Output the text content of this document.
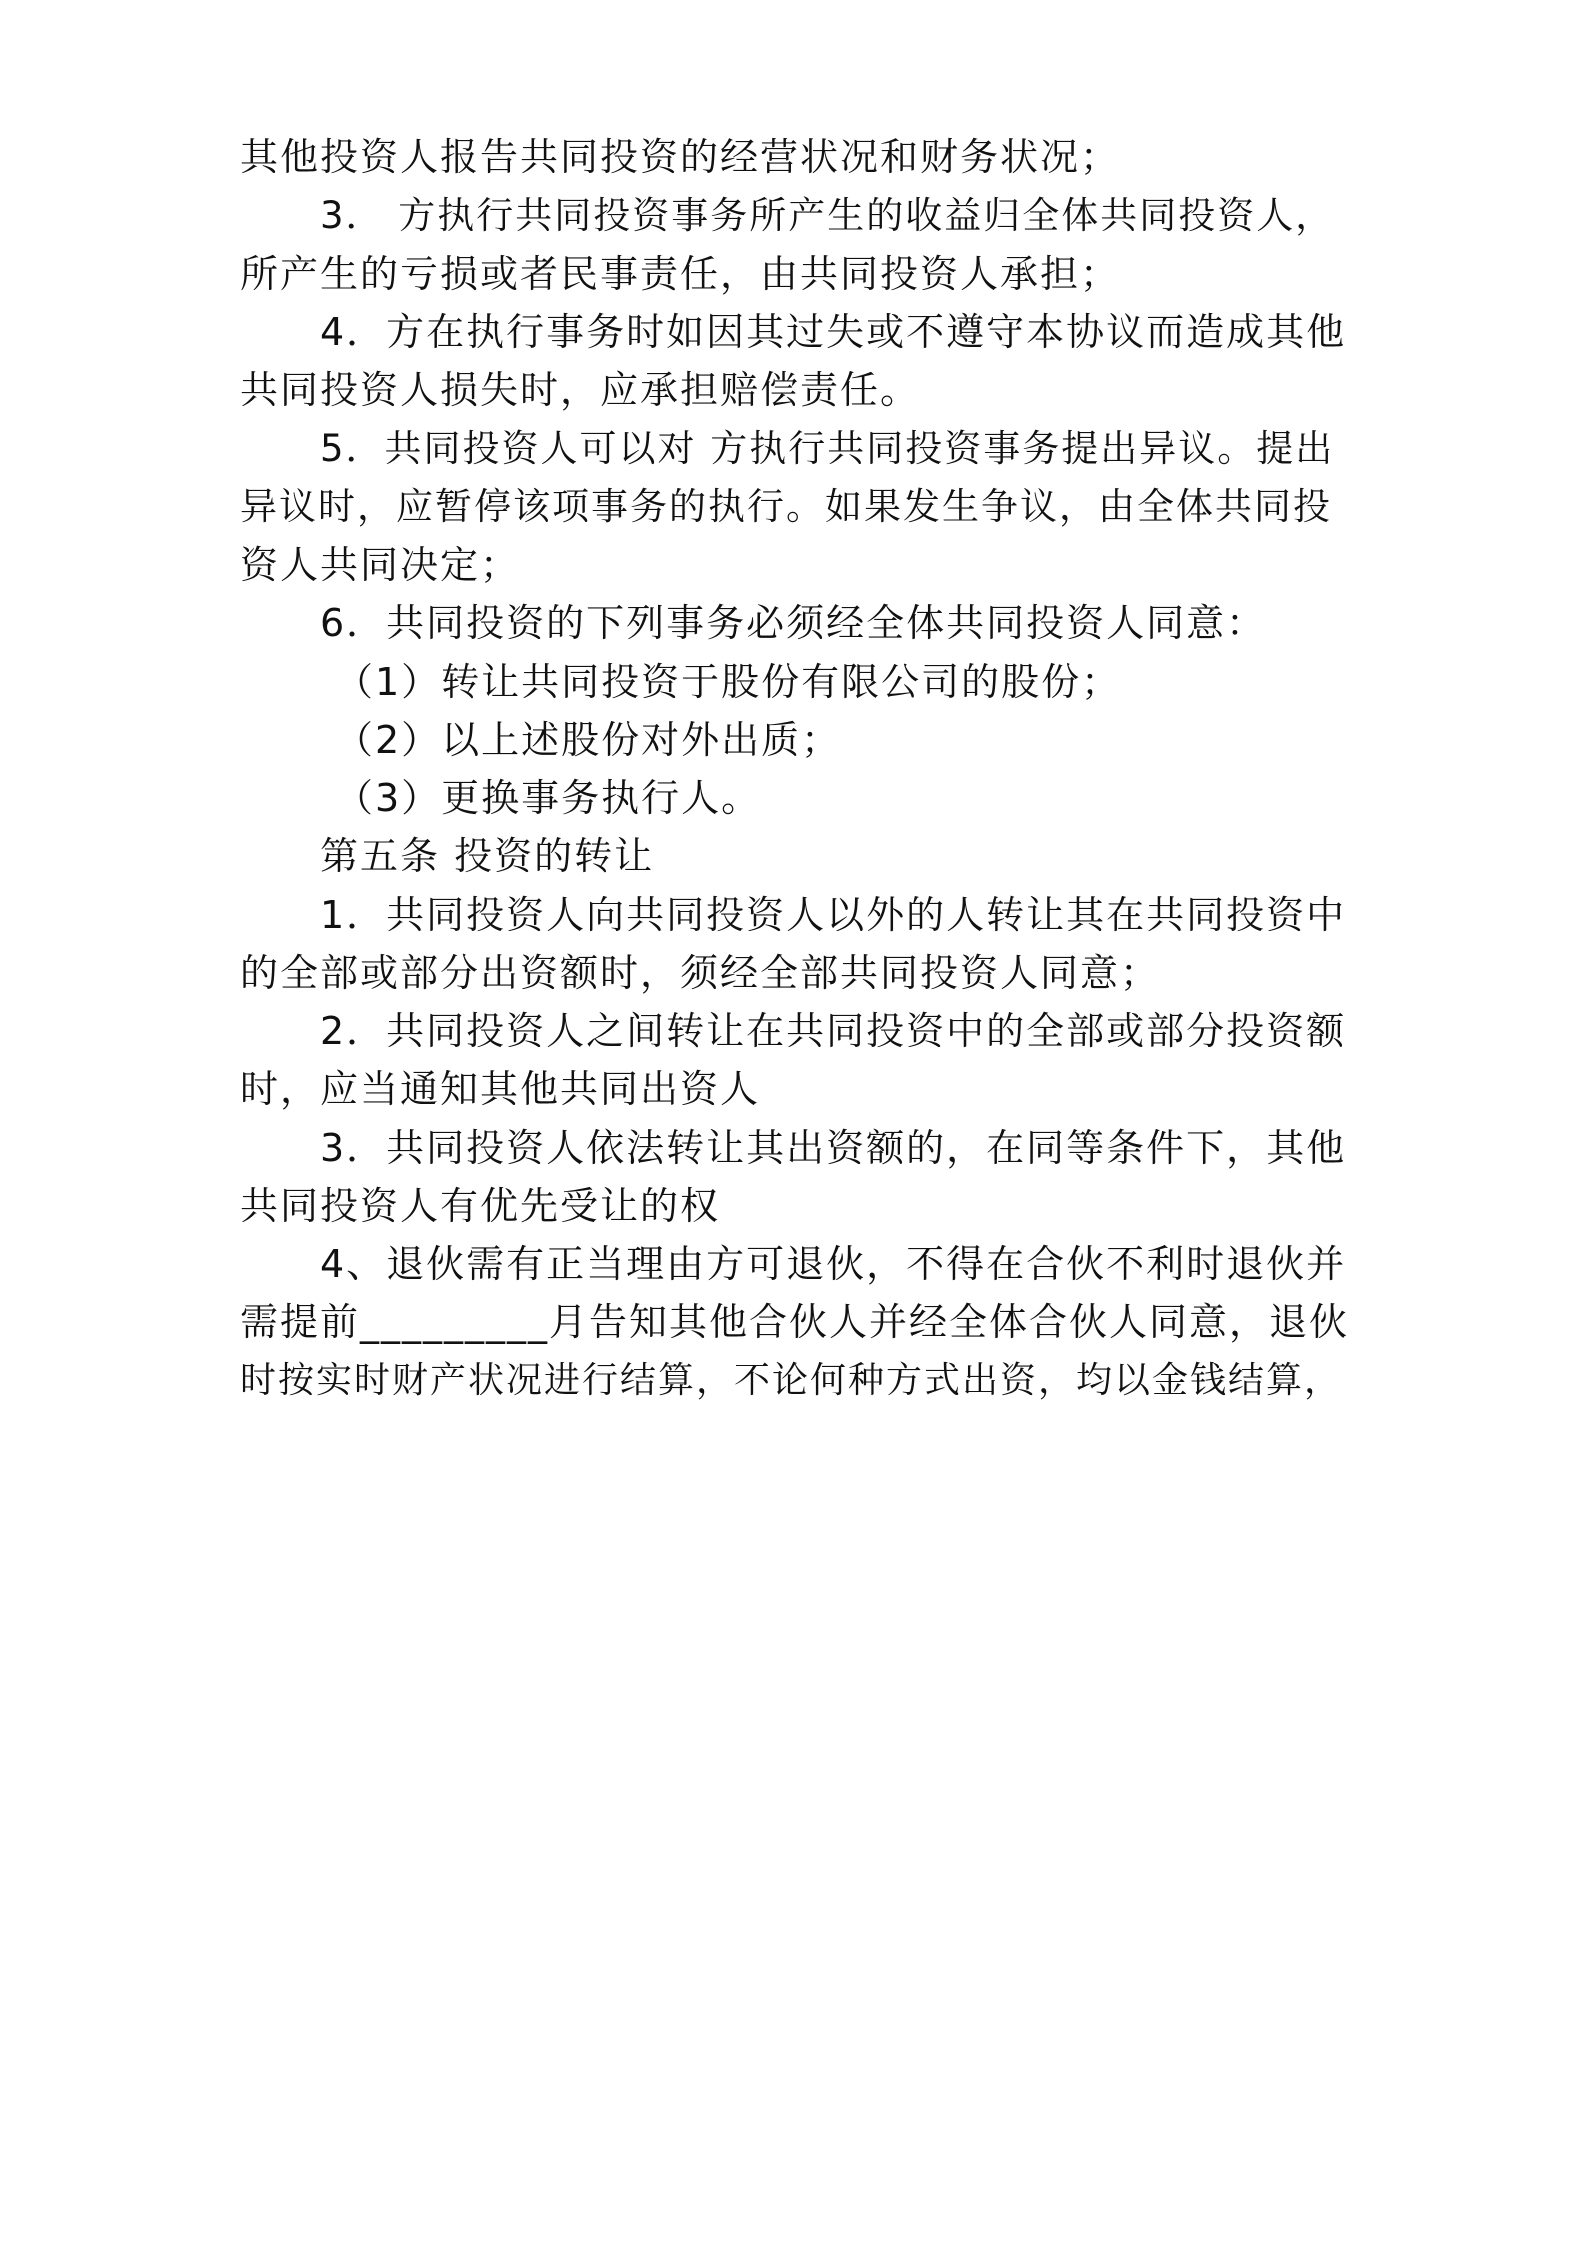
其他投资人报告共同投资的经营状况和财务状况；
3． 方执行共同投资事务所产生的收益归全体共同投资人，
所产生的亏损或者民事责任，由共同投资人承担；
4．方在执行事务时如因其过失或不遵守本协议而造成其他
共同投资人损失时，应承担赔偿责任。
5．共同投资人可以对 方执行共同投资事务提出异议。提出
异议时，应暂停该项事务的执行。如果发生争议，由全体共同投
资人共同决定；
6．共同投资的下列事务必须经全体共同投资人同意：
（1）转让共同投资于股份有限公司的股份；
（2）以上述股份对外出质；
（3）更换事务执行人。
第五条 投资的转让
1．共同投资人向共同投资人以外的人转让其在共同投资中
的全部或部分出资额时，须经全部共同投资人同意；
2．共同投资人之间转让在共同投资中的全部或部分投资额
时，应当通知其他共同出资人
3．共同投资人依法转让其出资额的，在同等条件下，其他
共同投资人有优先受让的权
4、退伙需有正当理由方可退伙，不得在合伙不利时退伙并
需提前_________月告知其他合伙人并经全体合伙人同意，退伙
时按实时财产状况进行结算，不论何种方式出资，均以金钱结算，
